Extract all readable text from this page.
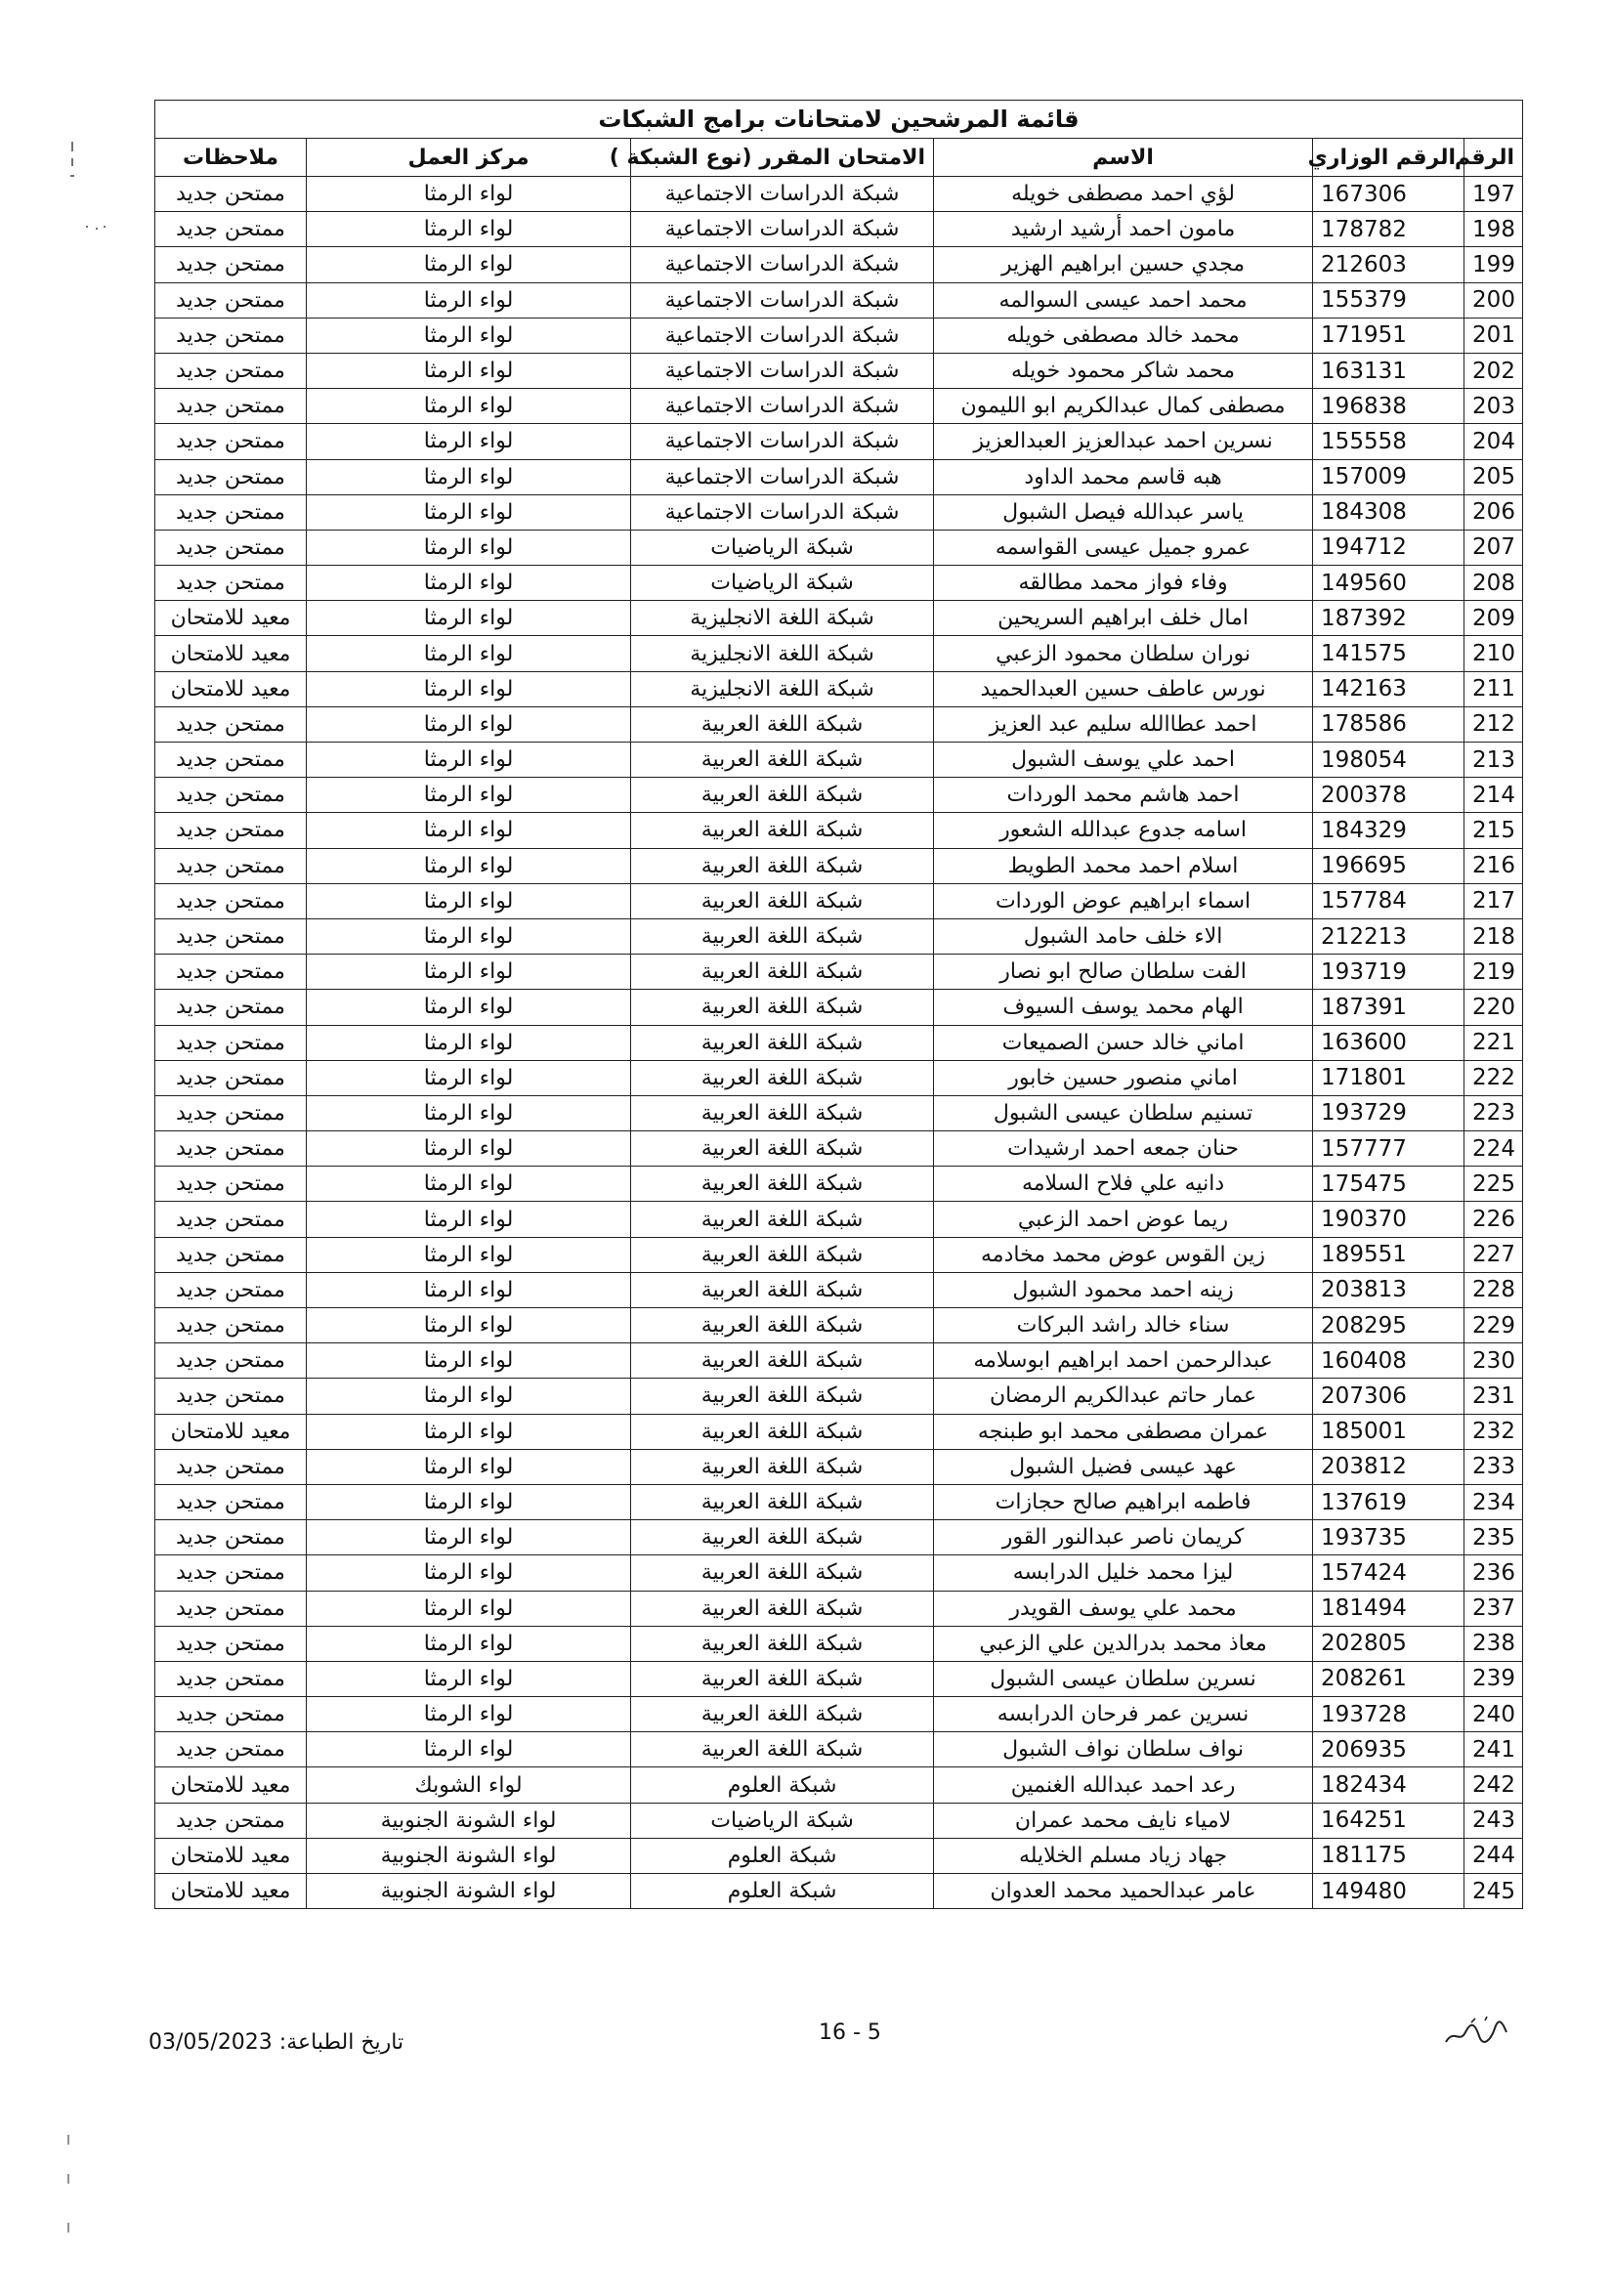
قائمة المرشحين لامتحانات برامج الشبكات					
الرقم	الرقم الوزاري	الاسم	الامتحان المقرر (نوع الشبكة )	مركز العمل	ملاحظات
197	167306	لؤي احمد مصطفى خويله	شبكة الدراسات الاجتماعية	لواء الرمثا	ممتحن جديد
198	178782	مامون احمد أرشيد ارشيد	شبكة الدراسات الاجتماعية	لواء الرمثا	ممتحن جديد
199	212603	مجدي حسين ابراهيم الهزير	شبكة الدراسات الاجتماعية	لواء الرمثا	ممتحن جديد
200	155379	محمد احمد عيسى السوالمه	شبكة الدراسات الاجتماعية	لواء الرمثا	ممتحن جديد
201	171951	محمد خالد مصطفى خويله	شبكة الدراسات الاجتماعية	لواء الرمثا	ممتحن جديد
202	163131	محمد شاكر محمود خويله	شبكة الدراسات الاجتماعية	لواء الرمثا	ممتحن جديد
203	196838	مصطفى كمال عبدالكريم ابو الليمون	شبكة الدراسات الاجتماعية	لواء الرمثا	ممتحن جديد
204	155558	نسرين احمد عبدالعزيز العبدالعزيز	شبكة الدراسات الاجتماعية	لواء الرمثا	ممتحن جديد
205	157009	هبه قاسم محمد الداود	شبكة الدراسات الاجتماعية	لواء الرمثا	ممتحن جديد
206	184308	ياسر عبدالله فيصل الشبول	شبكة الدراسات الاجتماعية	لواء الرمثا	ممتحن جديد
207	194712	عمرو جميل عيسى القواسمه	شبكة الرياضيات	لواء الرمثا	ممتحن جديد
208	149560	وفاء فواز محمد مطالقه	شبكة الرياضيات	لواء الرمثا	ممتحن جديد
209	187392	امال خلف ابراهيم السريحين	شبكة اللغة الانجليزية	لواء الرمثا	معيد للامتحان
210	141575	نوران سلطان محمود الزعبي	شبكة اللغة الانجليزية	لواء الرمثا	معيد للامتحان
211	142163	نورس عاطف حسين العبدالحميد	شبكة اللغة الانجليزية	لواء الرمثا	معيد للامتحان
212	178586	احمد عطاالله سليم عبد العزيز	شبكة اللغة العربية	لواء الرمثا	ممتحن جديد
213	198054	احمد علي يوسف الشبول	شبكة اللغة العربية	لواء الرمثا	ممتحن جديد
214	200378	احمد هاشم محمد الوردات	شبكة اللغة العربية	لواء الرمثا	ممتحن جديد
215	184329	اسامه جدوع عبدالله الشعور	شبكة اللغة العربية	لواء الرمثا	ممتحن جديد
216	196695	اسلام احمد محمد الطويط	شبكة اللغة العربية	لواء الرمثا	ممتحن جديد
217	157784	اسماء ابراهيم عوض الوردات	شبكة اللغة العربية	لواء الرمثا	ممتحن جديد
218	212213	الاء خلف حامد الشبول	شبكة اللغة العربية	لواء الرمثا	ممتحن جديد
219	193719	الفت سلطان صالح ابو نصار	شبكة اللغة العربية	لواء الرمثا	ممتحن جديد
220	187391	الهام محمد يوسف السيوف	شبكة اللغة العربية	لواء الرمثا	ممتحن جديد
221	163600	اماني خالد حسن الصميعات	شبكة اللغة العربية	لواء الرمثا	ممتحن جديد
222	171801	اماني منصور حسين خابور	شبكة اللغة العربية	لواء الرمثا	ممتحن جديد
223	193729	تسنيم سلطان عيسى الشبول	شبكة اللغة العربية	لواء الرمثا	ممتحن جديد
224	157777	حنان جمعه احمد ارشيدات	شبكة اللغة العربية	لواء الرمثا	ممتحن جديد
225	175475	دانيه علي فلاح السلامه	شبكة اللغة العربية	لواء الرمثا	ممتحن جديد
226	190370	ريما عوض احمد الزعبي	شبكة اللغة العربية	لواء الرمثا	ممتحن جديد
227	189551	زين القوس عوض محمد مخادمه	شبكة اللغة العربية	لواء الرمثا	ممتحن جديد
228	203813	زينه احمد محمود الشبول	شبكة اللغة العربية	لواء الرمثا	ممتحن جديد
229	208295	سناء خالد راشد البركات	شبكة اللغة العربية	لواء الرمثا	ممتحن جديد
230	160408	عبدالرحمن احمد ابراهيم ابوسلامه	شبكة اللغة العربية	لواء الرمثا	ممتحن جديد
231	207306	عمار حاتم عبدالكريم الرمضان	شبكة اللغة العربية	لواء الرمثا	ممتحن جديد
232	185001	عمران مصطفى محمد ابو طبنجه	شبكة اللغة العربية	لواء الرمثا	معيد للامتحان
233	203812	عهد عيسى فضيل الشبول	شبكة اللغة العربية	لواء الرمثا	ممتحن جديد
234	137619	فاطمه ابراهيم صالح حجازات	شبكة اللغة العربية	لواء الرمثا	ممتحن جديد
235	193735	كريمان ناصر عبدالنور القور	شبكة اللغة العربية	لواء الرمثا	ممتحن جديد
236	157424	ليزا محمد خليل الدرابسه	شبكة اللغة العربية	لواء الرمثا	ممتحن جديد
237	181494	محمد علي يوسف القويدر	شبكة اللغة العربية	لواء الرمثا	ممتحن جديد
238	202805	معاذ محمد بدرالدين علي الزعبي	شبكة اللغة العربية	لواء الرمثا	ممتحن جديد
239	208261	نسرين سلطان عيسى الشبول	شبكة اللغة العربية	لواء الرمثا	ممتحن جديد
240	193728	نسرين عمر فرحان الدرابسه	شبكة اللغة العربية	لواء الرمثا	ممتحن جديد
241	206935	نواف سلطان نواف الشبول	شبكة اللغة العربية	لواء الرمثا	ممتحن جديد
242	182434	رعد احمد عبدالله الغنمين	شبكة العلوم	لواء الشوبك	معيد للامتحان
243	164251	لامياء نايف محمد عمران	شبكة الرياضيات	لواء الشونة الجنوبية	ممتحن جديد
244	181175	جهاد زياد مسلم الخلايله	شبكة العلوم	لواء الشونة الجنوبية	معيد للامتحان
245	149480	عامر عبدالحميد محمد العدوان	شبكة العلوم	لواء الشونة الجنوبية	معيد للامتحان
تاريخ الطباعة: 03/05/2023	16 - 5
